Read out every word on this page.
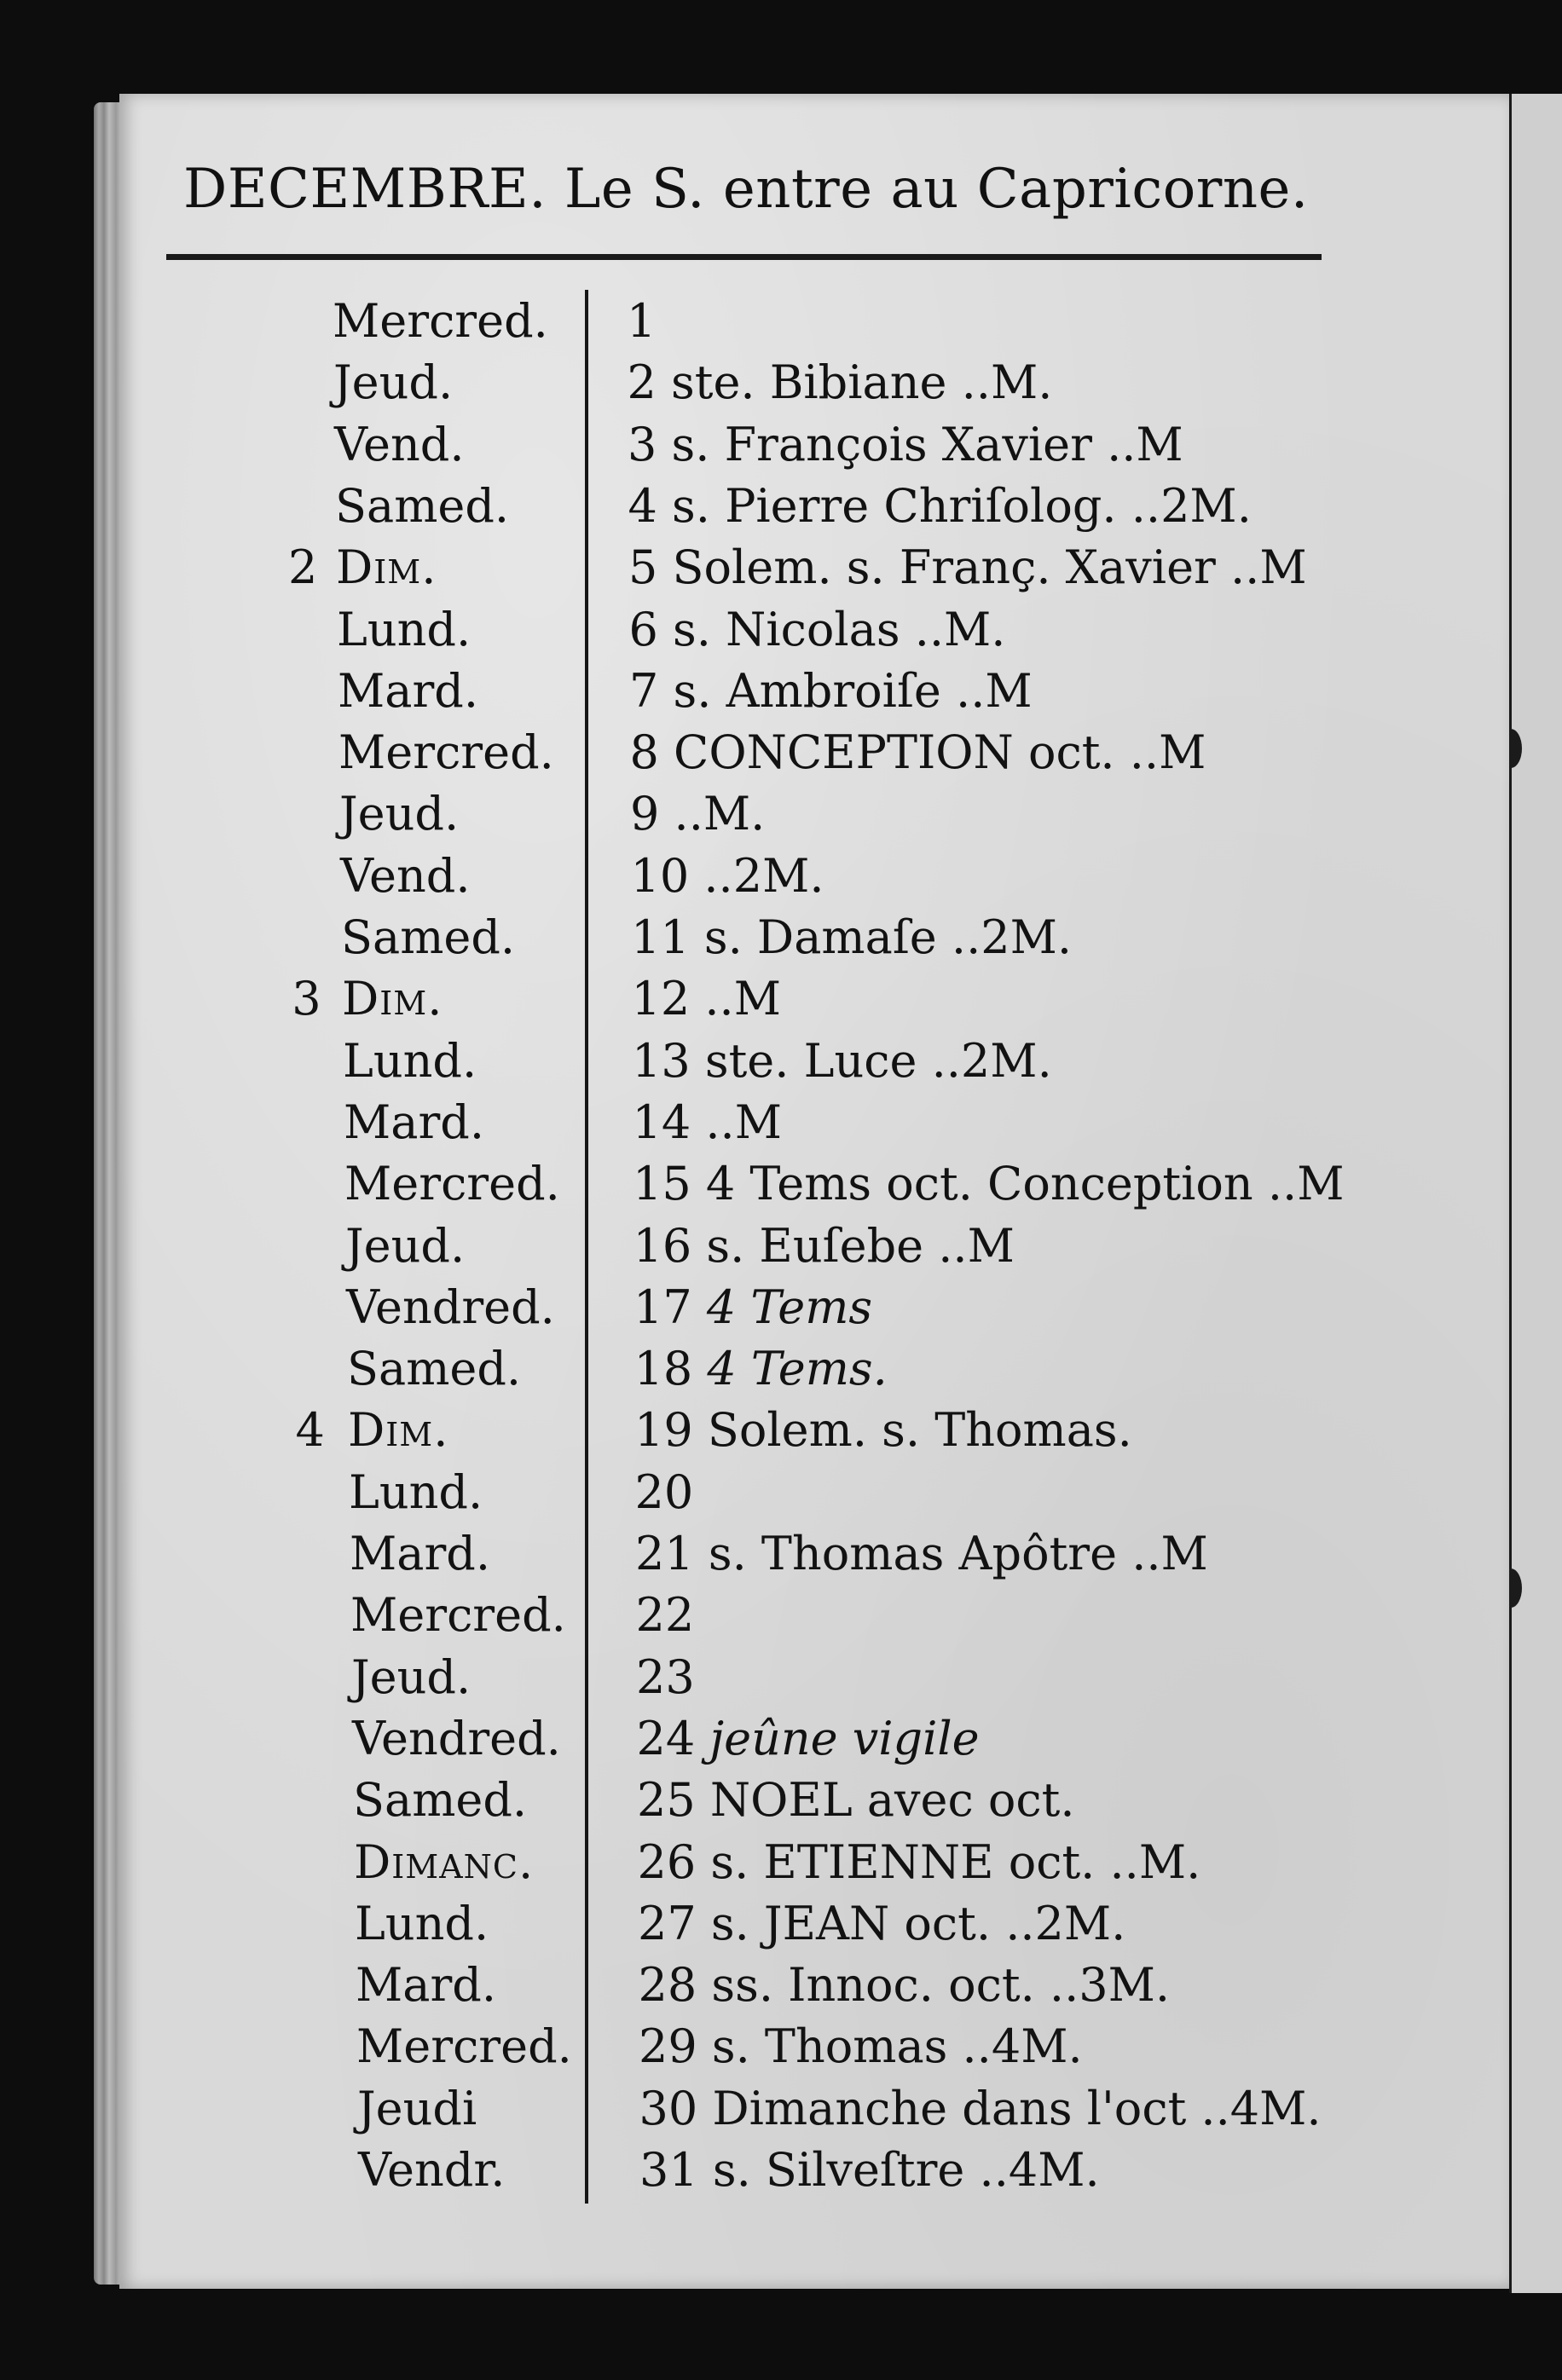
DECEMBRE. Le S. entre au Capricorne.
Mercred. 1
Jeud.	2 ste. Bibiane ..M.
Vend.	3 s. François Xavier ..M
Samed.	4 s. Pierre Chriſolog. ..2M.
2 Dim.	5 Solem. s. Franç. Xavier ..M
Lund.	6 s. Nicolas ..M.
Mard.	7 s. Ambroiſe ..M
Mercred. 8 CONCEPTION oct. ..M
Jeud.	9 ..M.
Vend.	10 ..2M.
Samed.	11 s. Damaſe ..2M.
3 Dim.	12 ..M
Lund.	13 ste. Luce ..2M.
Mard.	14 ..M
Mercred. 15 4 Tems oct. Conception ..M
Jeud.	16 s. Euſebe ..M
Vendred. 17 4 Tems
Samed. 18 4 Tems.
4 Dim.	19 Solem. s. Thomas.
Lund.	20
Mard.	21 s. Thomas Apôtre ..M
Mercred. 22
Jeud.	23
Vendred. 24 jeûne vigile
Samed. 25 NOEL avec oct.
Dimanc. 26 s. ETIENNE oct. ..M.
Lund.	27 s. JEAN oct. ..2M.
Mard.	28 ss. Innoc. oct. ..3M.
Mercred. 29 s. Thomas ..4M.
Jeudi	30 Dimanche dans l'oct ..4M.
Vendr.	31 s. Silveſtre ..4M.
